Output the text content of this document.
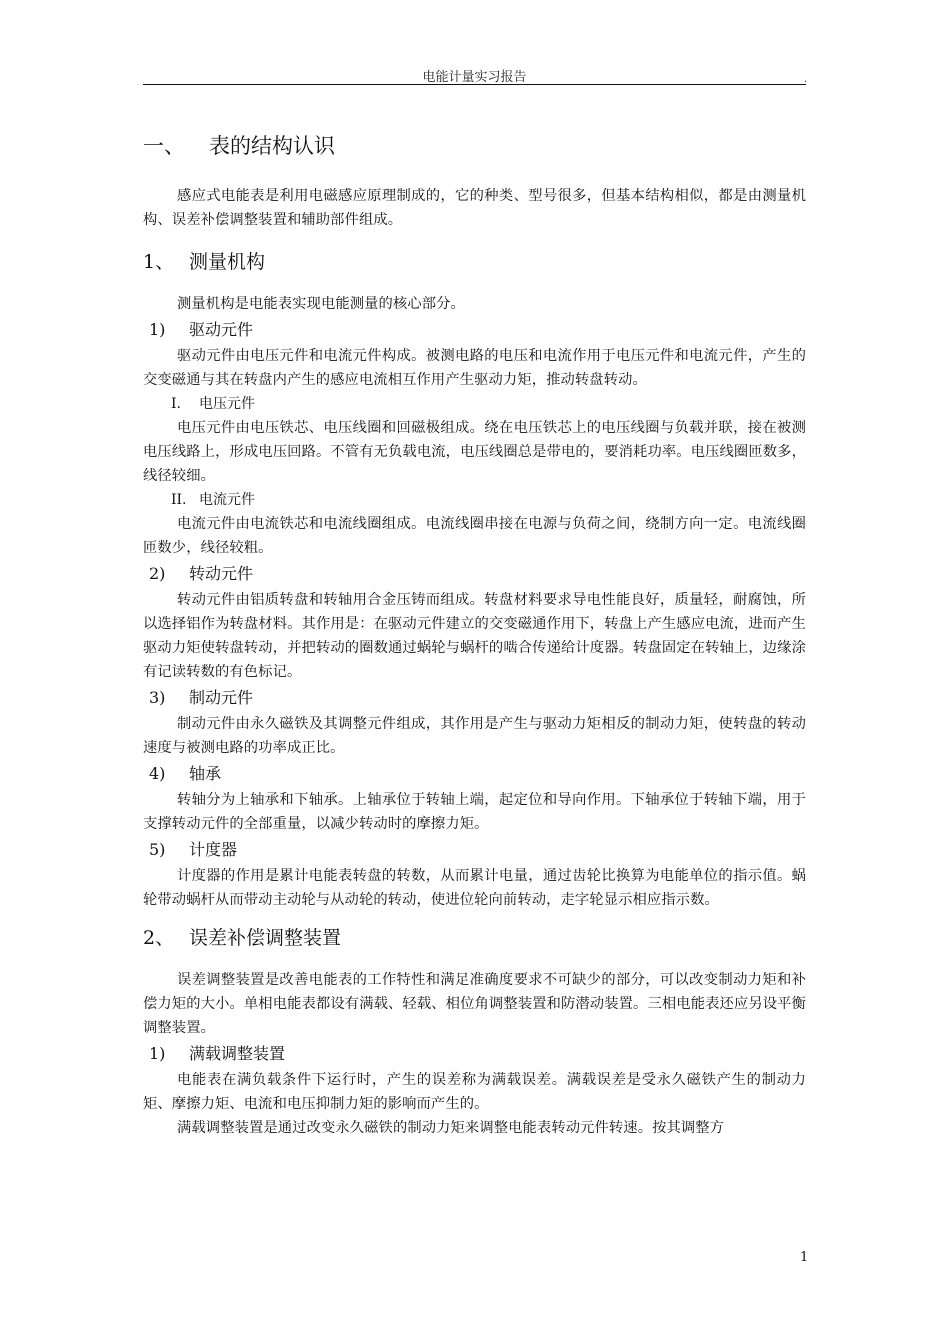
电能计量实习报告	.
一、 表的结构认识

感应式电能表是利用电磁感应原理制成的，它的种类、型号很多，但基本结构相似，都是由测量机构、误差补偿调整装置和辅助部件组成。

1、 测量机构

测量机构是电能表实现电能测量的核心部分。

1) 驱动元件

驱动元件由电压元件和电流元件构成。被测电路的电压和电流作用于电压元件和电流元件，产生的交变磁通与其在转盘内产生的感应电流相互作用产生驱动力矩，推动转盘转动。

I. 电压元件

电压元件由电压铁芯、电压线圈和回磁极组成。绕在电压铁芯上的电压线圈与负载并联，接在被测电压线路上，形成电压回路。不管有无负载电流，电压线圈总是带电的，要消耗功率。电压线圈匝数多，线径较细。

II. 电流元件

电流元件由电流铁芯和电流线圈组成。电流线圈串接在电源与负荷之间，绕制方向一定。电流线圈匝数少，线径较粗。

2) 转动元件

转动元件由铝质转盘和转轴用合金压铸而组成。转盘材料要求导电性能良好，质量轻，耐腐蚀，所以选择铝作为转盘材料。其作用是：在驱动元件建立的交变磁通作用下，转盘上产生感应电流，进而产生驱动力矩使转盘转动，并把转动的圈数通过蜗轮与蜗杆的啮合传递给计度器。转盘固定在转轴上，边缘涂有记读转数的有色标记。

3) 制动元件

制动元件由永久磁铁及其调整元件组成，其作用是产生与驱动力矩相反的制动力矩，使转盘的转动速度与被测电路的功率成正比。

4) 轴承

转轴分为上轴承和下轴承。上轴承位于转轴上端，起定位和导向作用。下轴承位于转轴下端，用于支撑转动元件的全部重量，以减少转动时的摩擦力矩。

5) 计度器

计度器的作用是累计电能表转盘的转数，从而累计电量，通过齿轮比换算为电能单位的指示值。蜗轮带动蜗杆从而带动主动轮与从动轮的转动，使进位轮向前转动，走字轮显示相应指示数。

2、 误差补偿调整装置

误差调整装置是改善电能表的工作特性和满足准确度要求不可缺少的部分，可以改变制动力矩和补偿力矩的大小。单相电能表都设有满载、轻载、相位角调整装置和防潜动装置。三相电能表还应另设平衡调整装置。

1) 满载调整装置

电能表在满负载条件下运行时，产生的误差称为满载误差。满载误差是受永久磁铁产生的制动力矩、摩擦力矩、电流和电压抑制力矩的影响而产生的。

满载调整装置是通过改变永久磁铁的制动力矩来调整电能表转动元件转速。按其调整方

1
